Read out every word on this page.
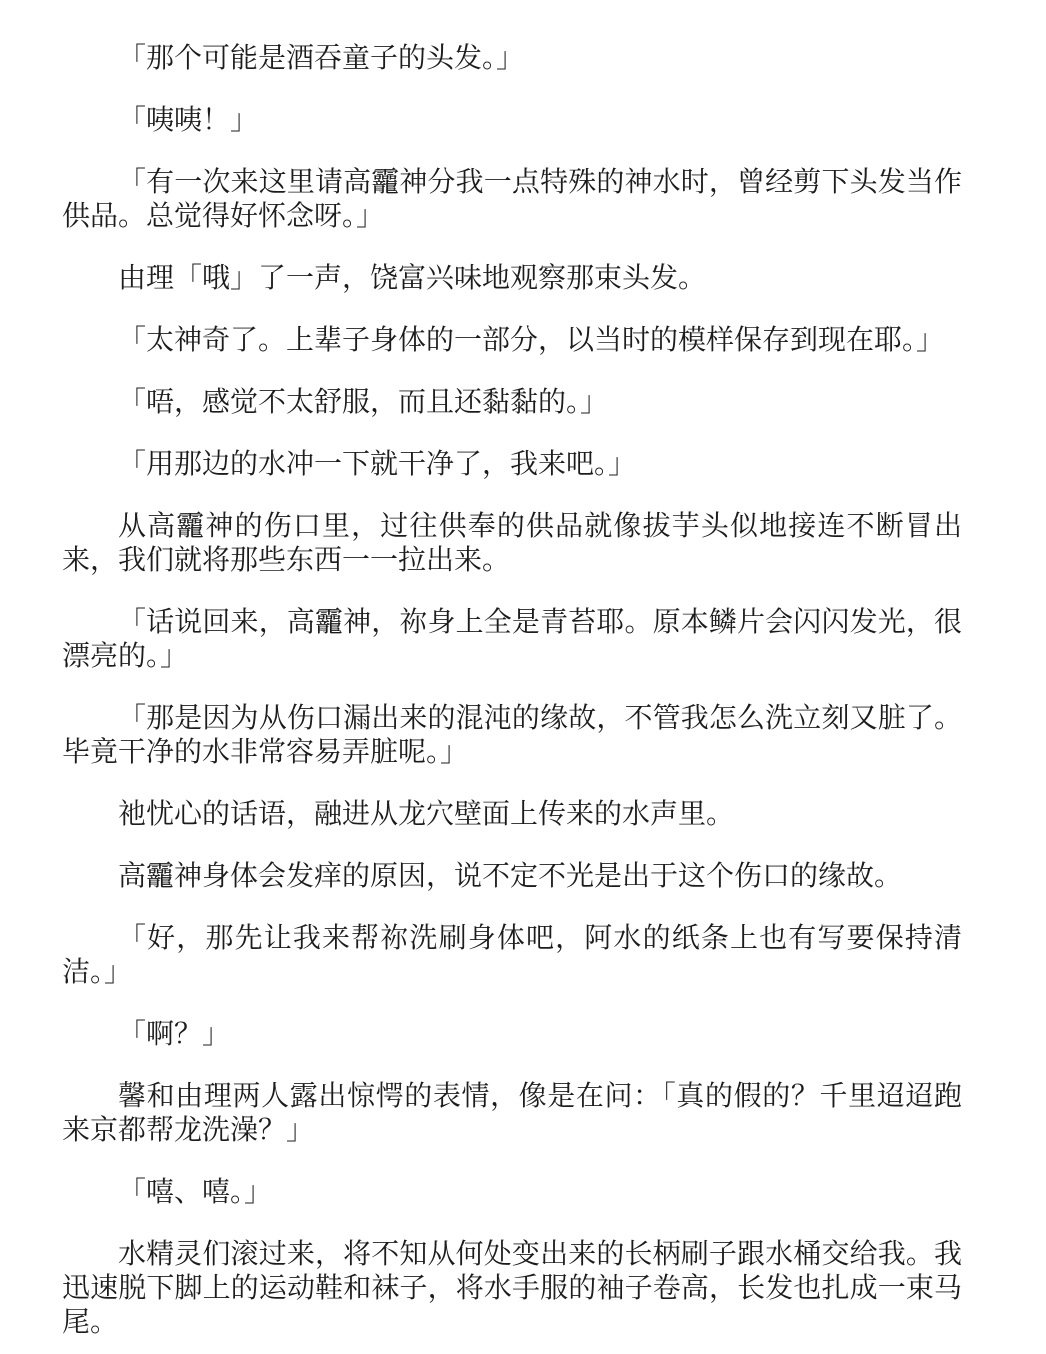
「那个可能是酒吞童子的头发。」

「咦咦！」

「有一次来这里请高龗神分我一点特殊的神水时，曾经剪下头发当作供品。总觉得好怀念呀。」

由理「哦」了一声，饶富兴味地观察那束头发。

「太神奇了。上辈子身体的一部分，以当时的模样保存到现在耶。」

「唔，感觉不太舒服，而且还黏黏的。」

「用那边的水冲一下就干净了，我来吧。」

从高龗神的伤口里，过往供奉的供品就像拔芋头似地接连不断冒出来，我们就将那些东西一一拉出来。

「话说回来，高龗神，祢身上全是青苔耶。原本鳞片会闪闪发光，很漂亮的。」

「那是因为从伤口漏出来的混沌的缘故，不管我怎么洗立刻又脏了。毕竟干净的水非常容易弄脏呢。」

祂忧心的话语，融进从龙穴壁面上传来的水声里。

高龗神身体会发痒的原因，说不定不光是出于这个伤口的缘故。

「好，那先让我来帮祢洗刷身体吧，阿水的纸条上也有写要保持清洁。」

「啊？」

馨和由理两人露出惊愕的表情，像是在问：「真的假的？千里迢迢跑来京都帮龙洗澡？」

「嘻、嘻。」

水精灵们滚过来，将不知从何处变出来的长柄刷子跟水桶交给我。我迅速脱下脚上的运动鞋和袜子，将水手服的袖子卷高，长发也扎成一束马尾。
